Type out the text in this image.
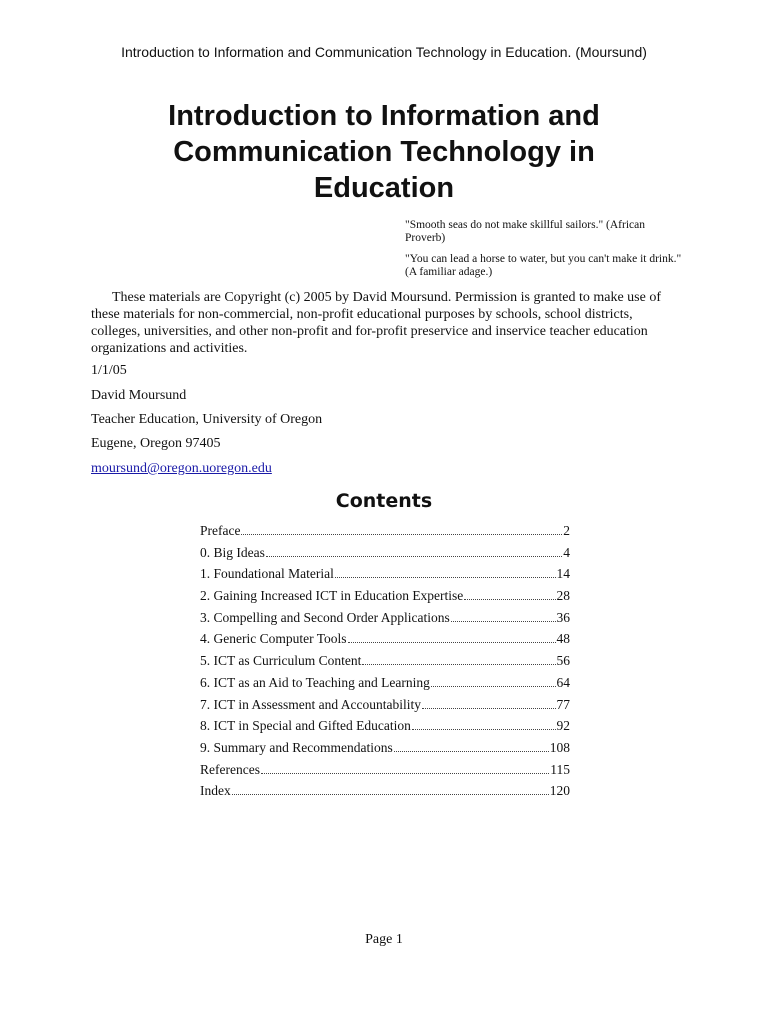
Introduction to Information and Communication Technology in Education. (Moursund)
Introduction to Information and Communication Technology in Education
"Smooth seas do not make skillful sailors." (African Proverb)
"You can lead a horse to water, but you can't make it drink." (A familiar adage.)

These materials are Copyright (c) 2005 by David Moursund. Permission is granted to make use of these materials for non-commercial, non-profit educational purposes by schools, school districts, colleges, universities, and other non-profit and for-profit preservice and inservice teacher education organizations and activities.

1/1/05
David Moursund
Teacher Education, University of Oregon
Eugene, Oregon 97405
moursund@oregon.uoregon.edu
Contents
Preface	2
0. Big Ideas	4
1. Foundational Material	14
2. Gaining Increased ICT in Education Expertise	28
3. Compelling and Second Order Applications	36
4. Generic Computer Tools	48
5. ICT as Curriculum Content	56
6. ICT as an Aid to Teaching and Learning	64
7. ICT in Assessment and Accountability	77
8. ICT in Special and Gifted Education	92
9. Summary and Recommendations	108
References	115
Index	120
Page 1
